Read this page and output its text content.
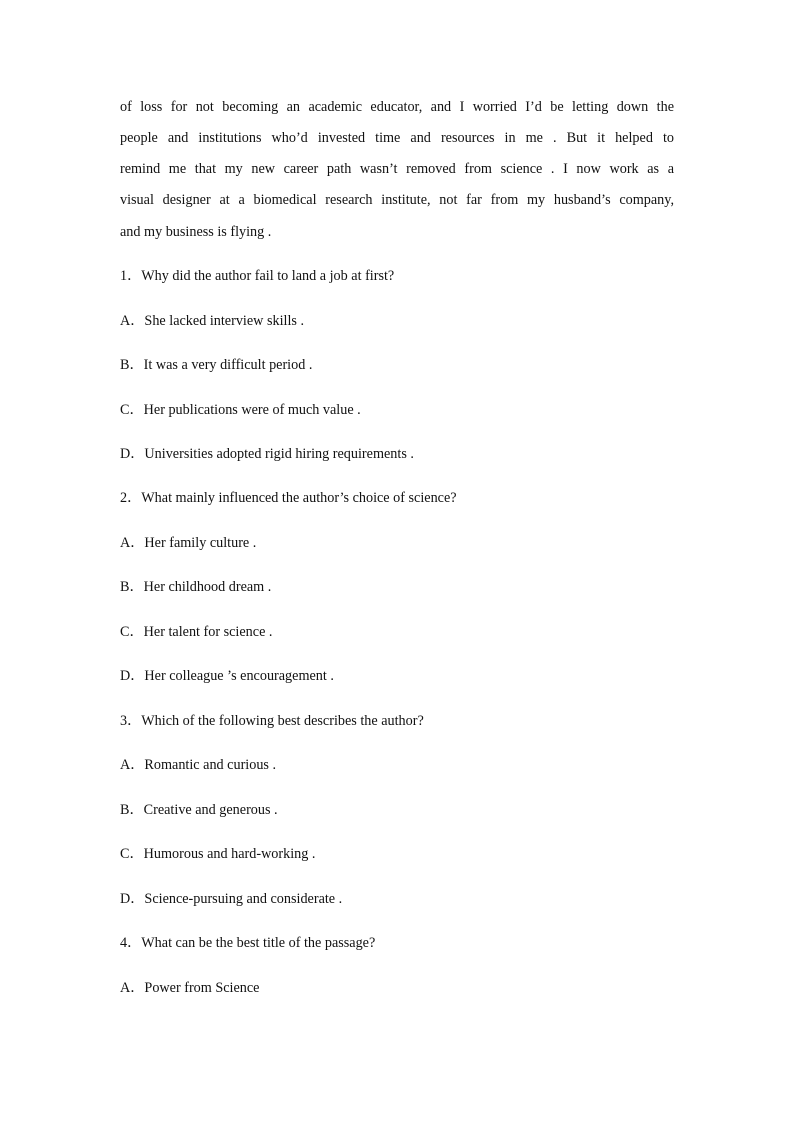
of loss for not becoming an academic educator, and I worried I’d be letting down the
people and institutions who’d invested time and resources in me . But it helped to
remind me that my new career path wasn’t removed from science . I now work as a
visual designer at a biomedical research institute, not far from my husband’s company,
and my business is flying .
1．Why did the author fail to land a job at first?
A．She lacked interview skills .
B．It was a very difficult period .
C．Her publications were of much value .
D．Universities adopted rigid hiring requirements .
2．What mainly influenced the author’s choice of science?
A．Her family culture .
B．Her childhood dream .
C．Her talent for science .
D．Her colleague ’s encouragement .
3．Which of the following best describes the author?
A．Romantic and curious .
B．Creative and generous .
C．Humorous and hard-working .
D．Science-pursuing and considerate .
4．What can be the best title of the passage?
A．Power from Science
